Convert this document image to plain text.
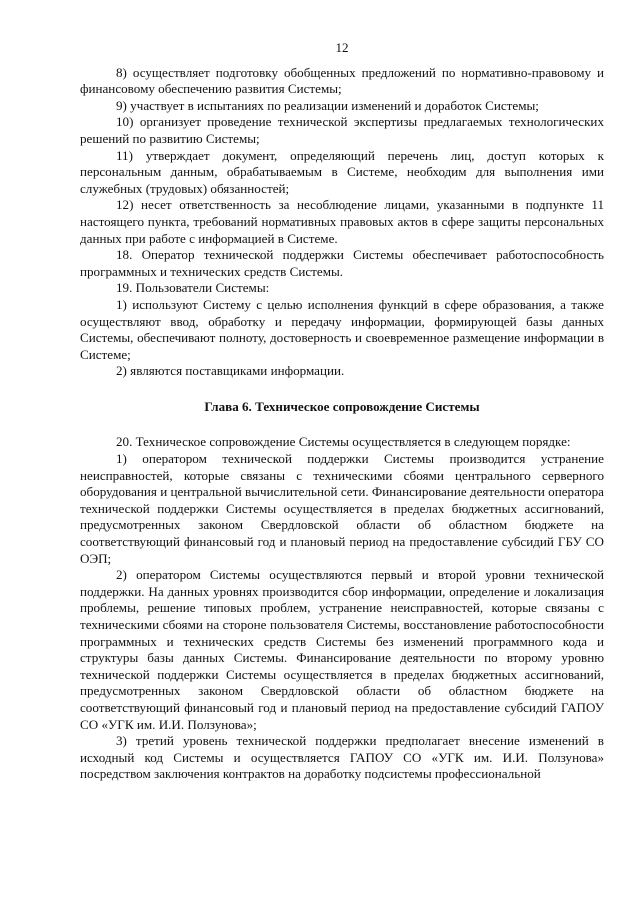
12

8) осуществляет подготовку обобщенных предложений по нормативно-правовому и финансовому обеспечению развития Системы;

9) участвует в испытаниях по реализации изменений и доработок Системы;

10) организует проведение технической экспертизы предлагаемых технологических решений по развитию Системы;

11) утверждает документ, определяющий перечень лиц, доступ которых к персональным данным, обрабатываемым в Системе, необходим для выполнения ими служебных (трудовых) обязанностей;

12) несет ответственность за несоблюдение лицами, указанными в подпункте 11 настоящего пункта, требований нормативных правовых актов в сфере защиты персональных данных при работе с информацией в Системе.

18. Оператор технической поддержки Системы обеспечивает работоспособность программных и технических средств Системы.

19. Пользователи Системы:

1) используют Систему с целью исполнения функций в сфере образования, а также осуществляют ввод, обработку и передачу информации, формирующей базы данных Системы, обеспечивают полноту, достоверность и своевременное размещение информации в Системе;

2) являются поставщиками информации.

Глава 6. Техническое сопровождение Системы

20. Техническое сопровождение Системы осуществляется в следующем порядке:

1) оператором технической поддержки Системы производится устранение неисправностей, которые связаны с техническими сбоями центрального серверного оборудования и центральной вычислительной сети. Финансирование деятельности оператора технической поддержки Системы осуществляется в пределах бюджетных ассигнований, предусмотренных законом Свердловской области об областном бюджете на соответствующий финансовый год и плановый период на предоставление субсидий ГБУ СО ОЭП;

2) оператором Системы осуществляются первый и второй уровни технической поддержки. На данных уровнях производится сбор информации, определение и локализация проблемы, решение типовых проблем, устранение неисправностей, которые связаны с техническими сбоями на стороне пользователя Системы, восстановление работоспособности программных и технических средств Системы без изменений программного кода и структуры базы данных Системы. Финансирование деятельности по второму уровню технической поддержки Системы осуществляется в пределах бюджетных ассигнований, предусмотренных законом Свердловской области об областном бюджете на соответствующий финансовый год и плановый период на предоставление субсидий ГАПОУ СО «УГК им. И.И. Ползунова»;

3) третий уровень технической поддержки предполагает внесение изменений в исходный код Системы и осуществляется ГАПОУ СО «УГК им. И.И. Ползунова» посредством заключения контрактов на доработку подсистемы профессиональной
